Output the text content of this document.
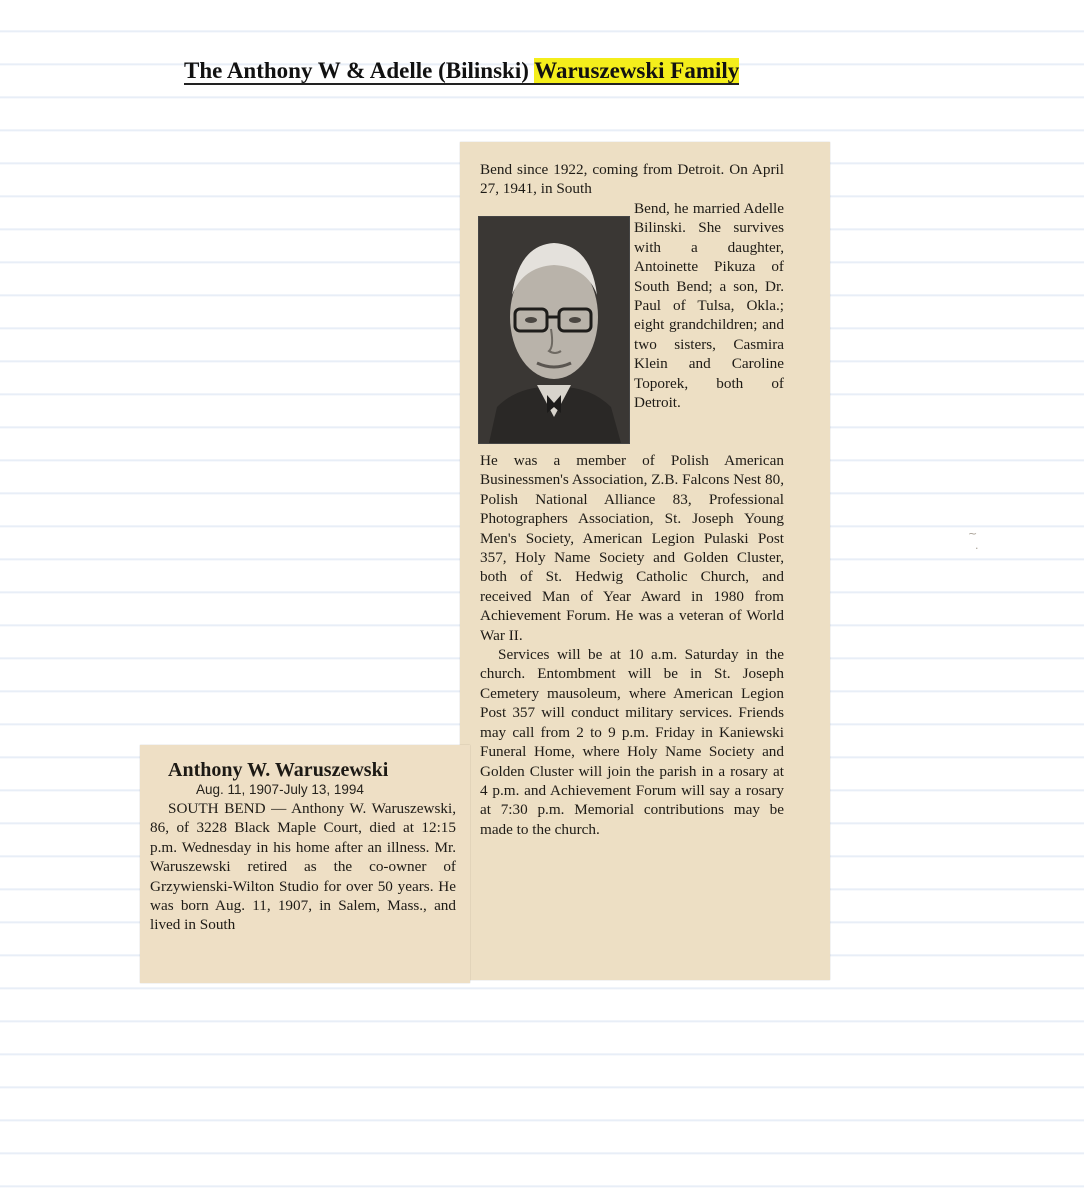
The Anthony W & Adelle (Bilinski) Waruszewski Family

Bend since 1922, coming from Detroit. On April 27, 1941, in South

Bend, he married Adelle Bilinski. She survives with a daughter, Antoinette Pikuza of South Bend; a son, Dr. Paul of Tulsa, Okla.; eight grandchildren; and two sisters, Casmira Klein and Caroline Toporek, both of Detroit.

He was a member of Polish American Businessmen's Association, Z.B. Falcons Nest 80, Polish National Alliance 83, Professional Photographers Association, St. Joseph Young Men's Society, American Legion Pulaski Post 357, Holy Name Society and Golden Cluster, both of St. Hedwig Catholic Church, and received Man of Year Award in 1980 from Achievement Forum. He was a veteran of World War II.

Services will be at 10 a.m. Saturday in the church. Entombment will be in St. Joseph Cemetery mausoleum, where American Legion Post 357 will conduct military services. Friends may call from 2 to 9 p.m. Friday in Kaniewski Funeral Home, where Holy Name Society and Golden Cluster will join the parish in a rosary at 4 p.m. and Achievement Forum will say a rosary at 7:30 p.m. Memorial contributions may be made to the church.

Anthony W. Waruszewski
Aug. 11, 1907-July 13, 1994

SOUTH BEND — Anthony W. Waruszewski, 86, of 3228 Black Maple Court, died at 12:15 p.m. Wednesday in his home after an illness. Mr. Waruszewski retired as the co-owner of Grzywienski-Wilton Studio for over 50 years. He was born Aug. 11, 1907, in Salem, Mass., and lived in South

~
.
